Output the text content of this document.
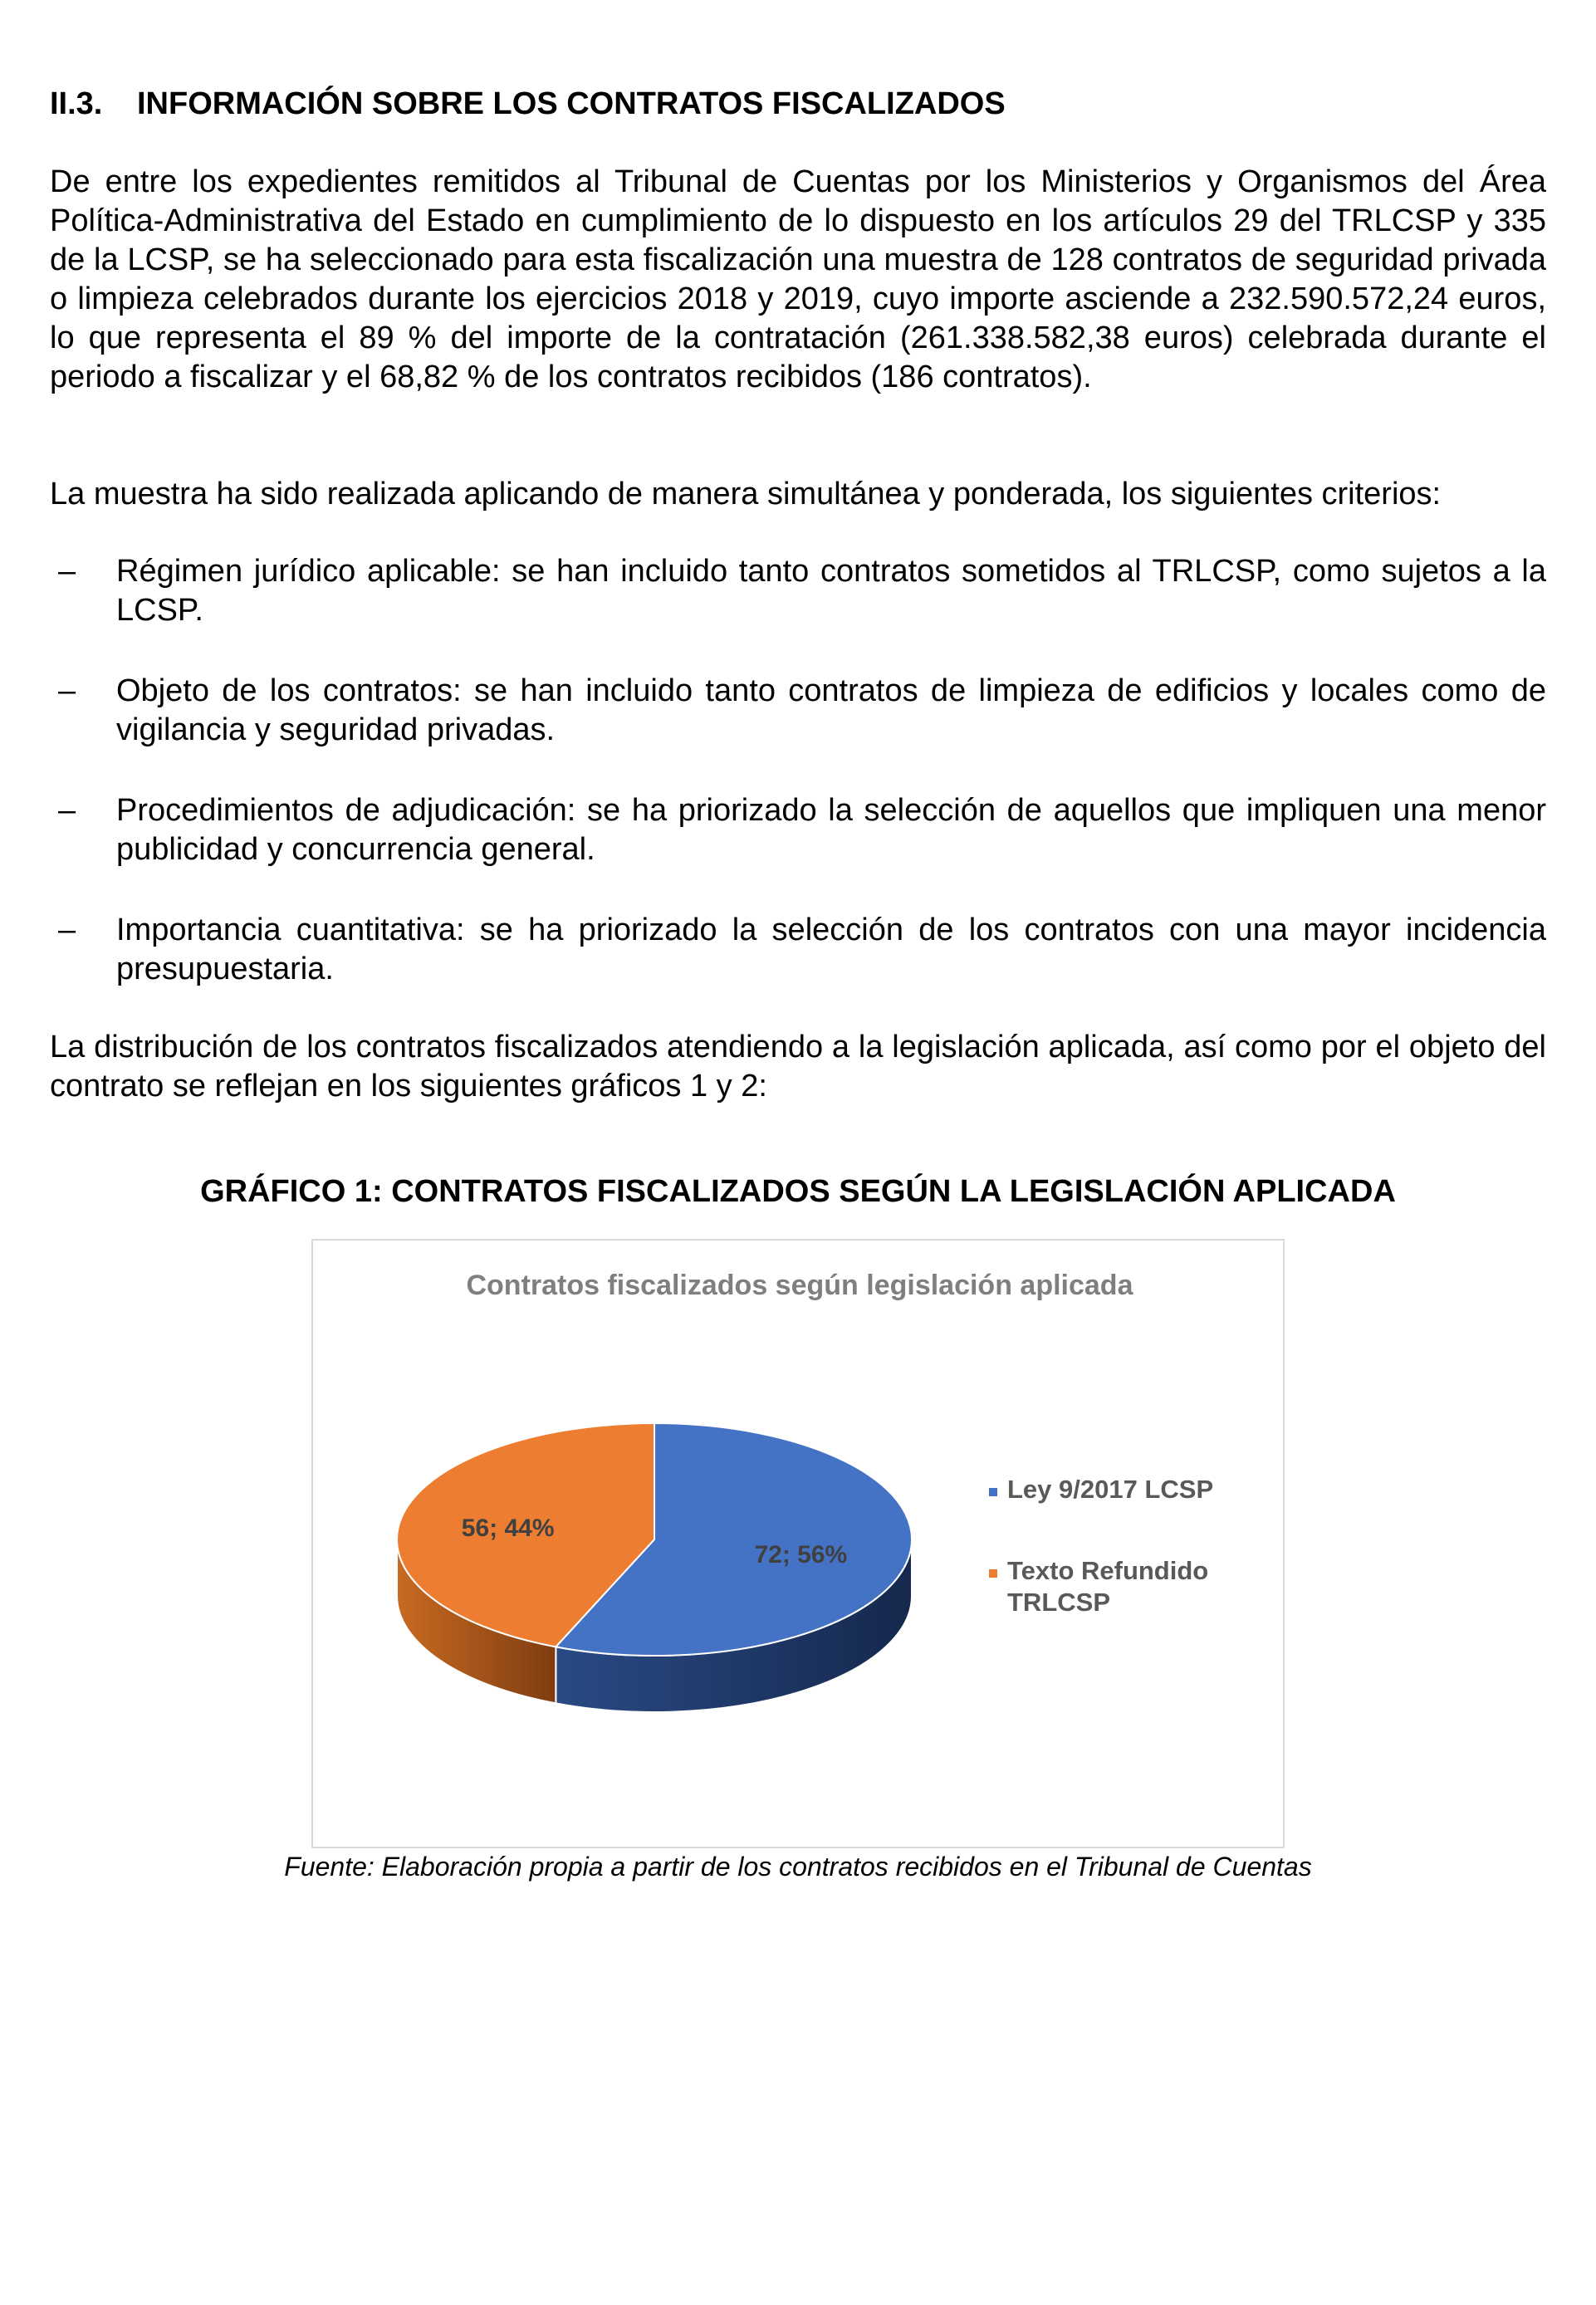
II.3. INFORMACIÓN SOBRE LOS CONTRATOS FISCALIZADOS

De entre los expedientes remitidos al Tribunal de Cuentas por los Ministerios y Organismos del Área Política-Administrativa del Estado en cumplimiento de lo dispuesto en los artículos 29 del TRLCSP y 335 de la LCSP, se ha seleccionado para esta fiscalización una muestra de 128 contratos de seguridad privada o limpieza celebrados durante los ejercicios 2018 y 2019, cuyo importe asciende a 232.590.572,24 euros, lo que representa el 89 % del importe de la contratación (261.338.582,38 euros) celebrada durante el periodo a fiscalizar y el 68,82 % de los contratos recibidos (186 contratos).

La muestra ha sido realizada aplicando de manera simultánea y ponderada, los siguientes criterios:

– Régimen jurídico aplicable: se han incluido tanto contratos sometidos al TRLCSP, como sujetos a la LCSP.
– Objeto de los contratos: se han incluido tanto contratos de limpieza de edificios y locales como de vigilancia y seguridad privadas.
– Procedimientos de adjudicación: se ha priorizado la selección de aquellos que impliquen una menor publicidad y concurrencia general.
– Importancia cuantitativa: se ha priorizado la selección de los contratos con una mayor incidencia presupuestaria.

La distribución de los contratos fiscalizados atendiendo a la legislación aplicada, así como por el objeto del contrato se reflejan en los siguientes gráficos 1 y 2:

GRÁFICO 1: CONTRATOS FISCALIZADOS SEGÚN LA LEGISLACIÓN APLICADA
Contratos fiscalizados según legislación aplicada
72; 56%
56; 44%
Ley 9/2017 LCSP
Texto Refundido TRLCSP
Fuente: Elaboración propia a partir de los contratos recibidos en el Tribunal de Cuentas
